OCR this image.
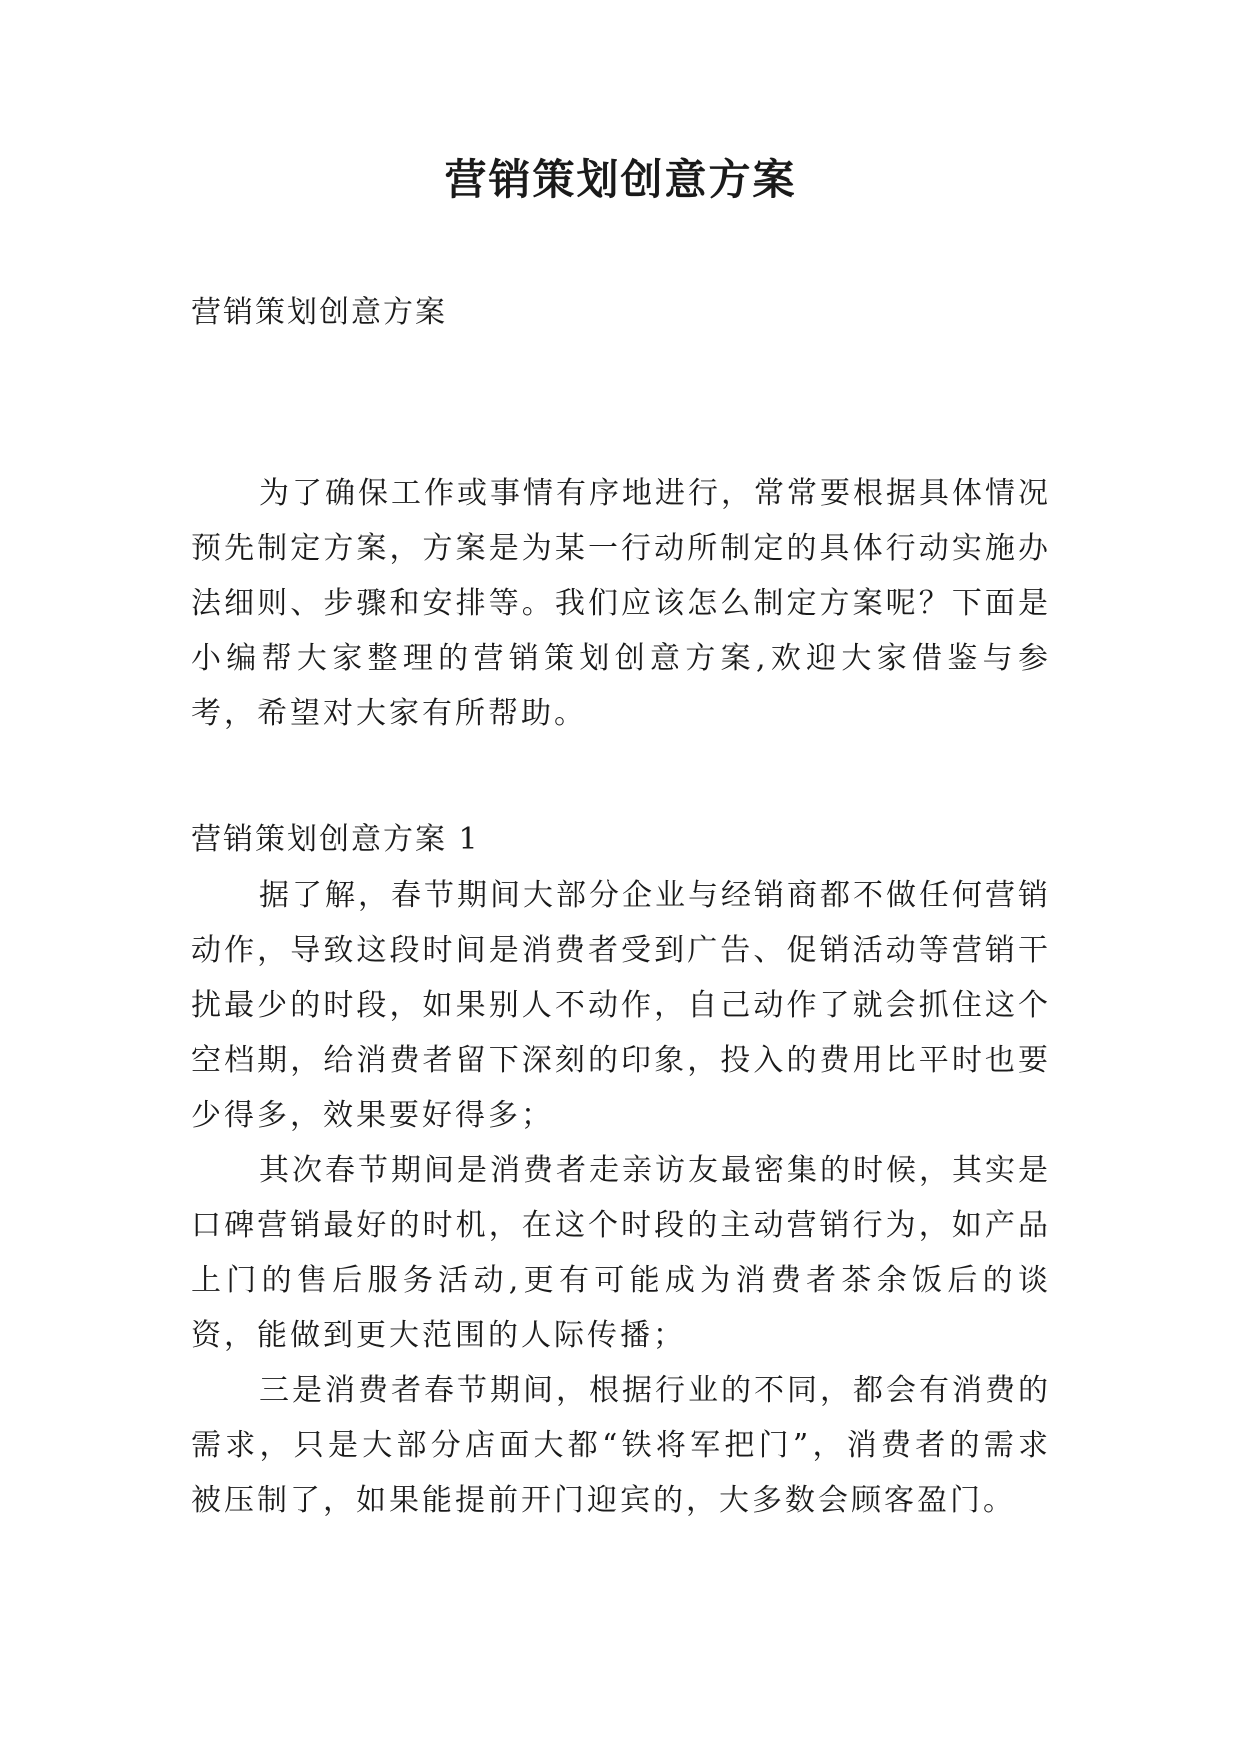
营销策划创意方案
营销策划创意方案

为了确保工作或事情有序地进行，常常要根据具体情况预先制定方案，方案是为某一行动所制定的具体行动实施办法细则、步骤和安排等。我们应该怎么制定方案呢？下面是小编帮大家整理的营销策划创意方案,欢迎大家借鉴与参考，希望对大家有所帮助。

营销策划创意方案 1

据了解，春节期间大部分企业与经销商都不做任何营销动作，导致这段时间是消费者受到广告、促销活动等营销干扰最少的时段，如果别人不动作，自己动作了就会抓住这个空档期，给消费者留下深刻的印象，投入的费用比平时也要少得多，效果要好得多；

其次春节期间是消费者走亲访友最密集的时候，其实是口碑营销最好的时机，在这个时段的主动营销行为，如产品上门的售后服务活动,更有可能成为消费者茶余饭后的谈资，能做到更大范围的人际传播；

三是消费者春节期间，根据行业的不同，都会有消费的需求，只是大部分店面大都“铁将军把门”，消费者的需求被压制了，如果能提前开门迎宾的，大多数会顾客盈门。
